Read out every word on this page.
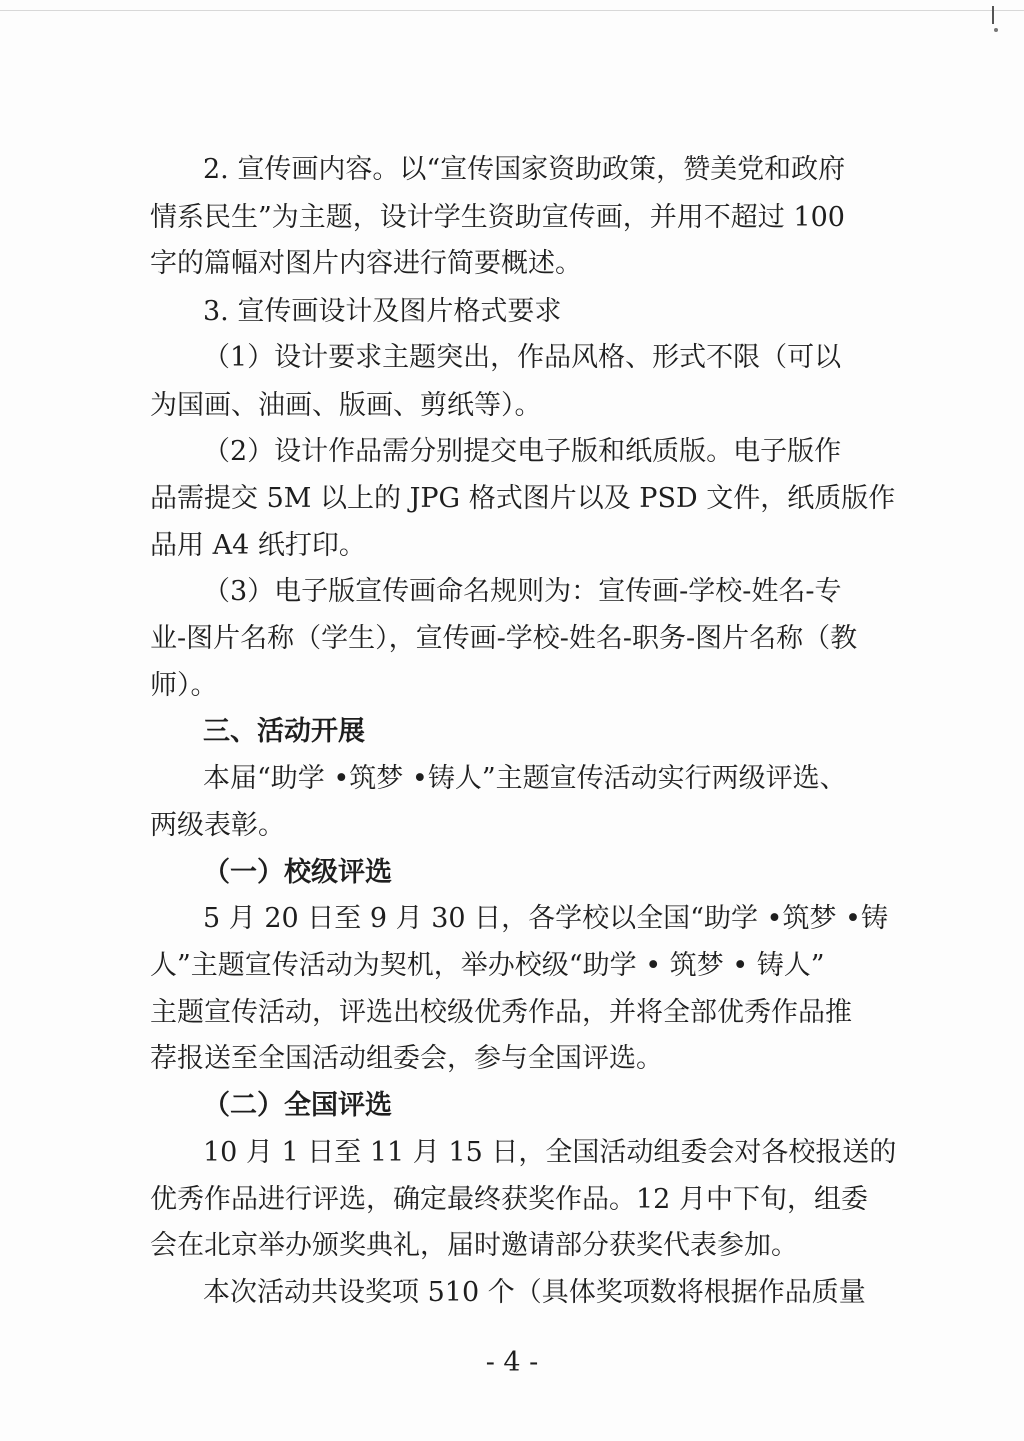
2. 宣传画内容。以“宣传国家资助政策，赞美党和政府
情系民生”为主题，设计学生资助宣传画，并用不超过 100
字的篇幅对图片内容进行简要概述。
3. 宣传画设计及图片格式要求
（1）设计要求主题突出，作品风格、形式不限（可以
为国画、油画、版画、剪纸等）。
（2）设计作品需分别提交电子版和纸质版。电子版作
品需提交 5M 以上的 JPG 格式图片以及 PSD 文件，纸质版作
品用 A4 纸打印。
（3）电子版宣传画命名规则为：宣传画-学校-姓名-专
业-图片名称（学生），宣传画-学校-姓名-职务-图片名称（教
师）。
三、活动开展
本届“助学 •筑梦 •铸人”主题宣传活动实行两级评选、
两级表彰。
（一）校级评选
5 月 20 日至 9 月 30 日，各学校以全国“助学 •筑梦 •铸
人”主题宣传活动为契机，举办校级“助学 • 筑梦 • 铸人”
主题宣传活动，评选出校级优秀作品，并将全部优秀作品推
荐报送至全国活动组委会，参与全国评选。
（二）全国评选
10 月 1 日至 11 月 15 日，全国活动组委会对各校报送的
优秀作品进行评选，确定最终获奖作品。12 月中下旬，组委
会在北京举办颁奖典礼，届时邀请部分获奖代表参加。
本次活动共设奖项 510 个（具体奖项数将根据作品质量
- 4 -
